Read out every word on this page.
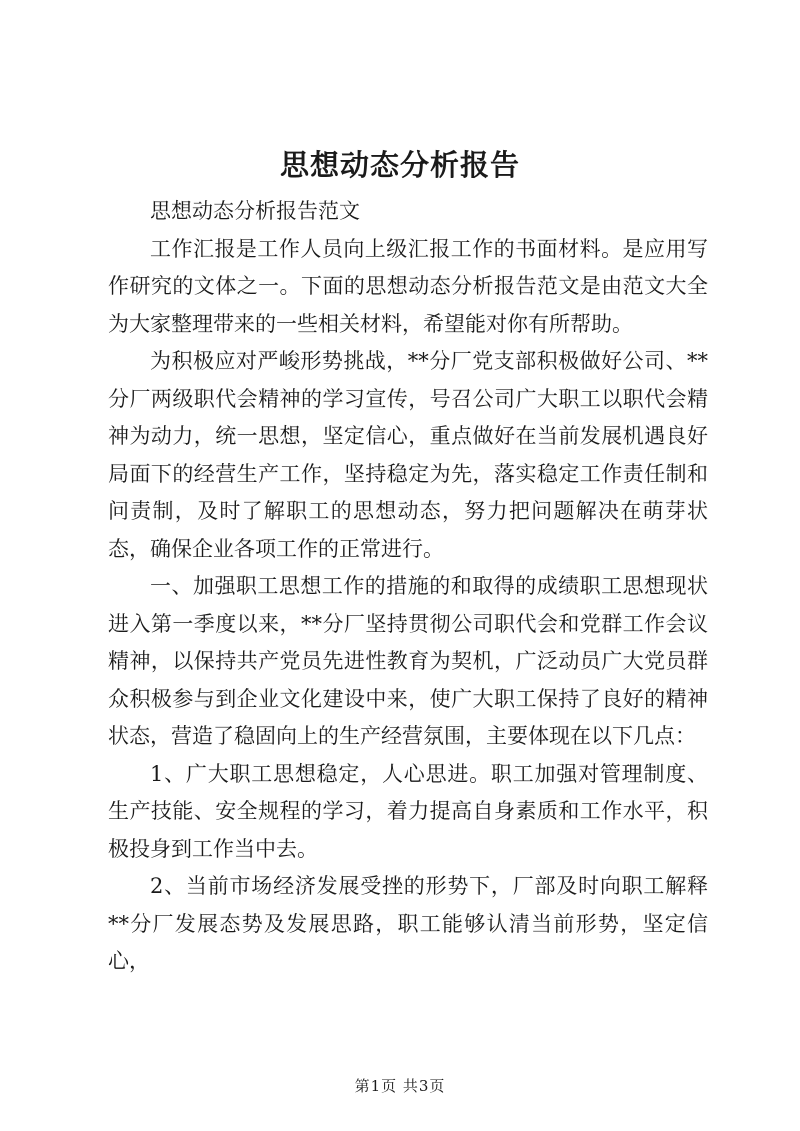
思想动态分析报告

思想动态分析报告范文

工作汇报是工作人员向上级汇报工作的书面材料。是应用写作研究的文体之一。下面的思想动态分析报告范文是由范文大全为大家整理带来的一些相关材料，希望能对你有所帮助。

为积极应对严峻形势挑战，**分厂党支部积极做好公司、**分厂两级职代会精神的学习宣传，号召公司广大职工以职代会精神为动力，统一思想，坚定信心，重点做好在当前发展机遇良好局面下的经营生产工作，坚持稳定为先，落实稳定工作责任制和问责制，及时了解职工的思想动态，努力把问题解决在萌芽状态，确保企业各项工作的正常进行。

一、加强职工思想工作的措施的和取得的成绩职工思想现状进入第一季度以来，**分厂坚持贯彻公司职代会和党群工作会议精神，以保持共产党员先进性教育为契机，广泛动员广大党员群众积极参与到企业文化建设中来，使广大职工保持了良好的精神状态，营造了稳固向上的生产经营氛围，主要体现在以下几点：

1、广大职工思想稳定，人心思进。职工加强对管理制度、生产技能、安全规程的学习，着力提高自身素质和工作水平，积极投身到工作当中去。

2、当前市场经济发展受挫的形势下，厂部及时向职工解释**分厂发展态势及发展思路，职工能够认清当前形势，坚定信心，

第1页 共3页
